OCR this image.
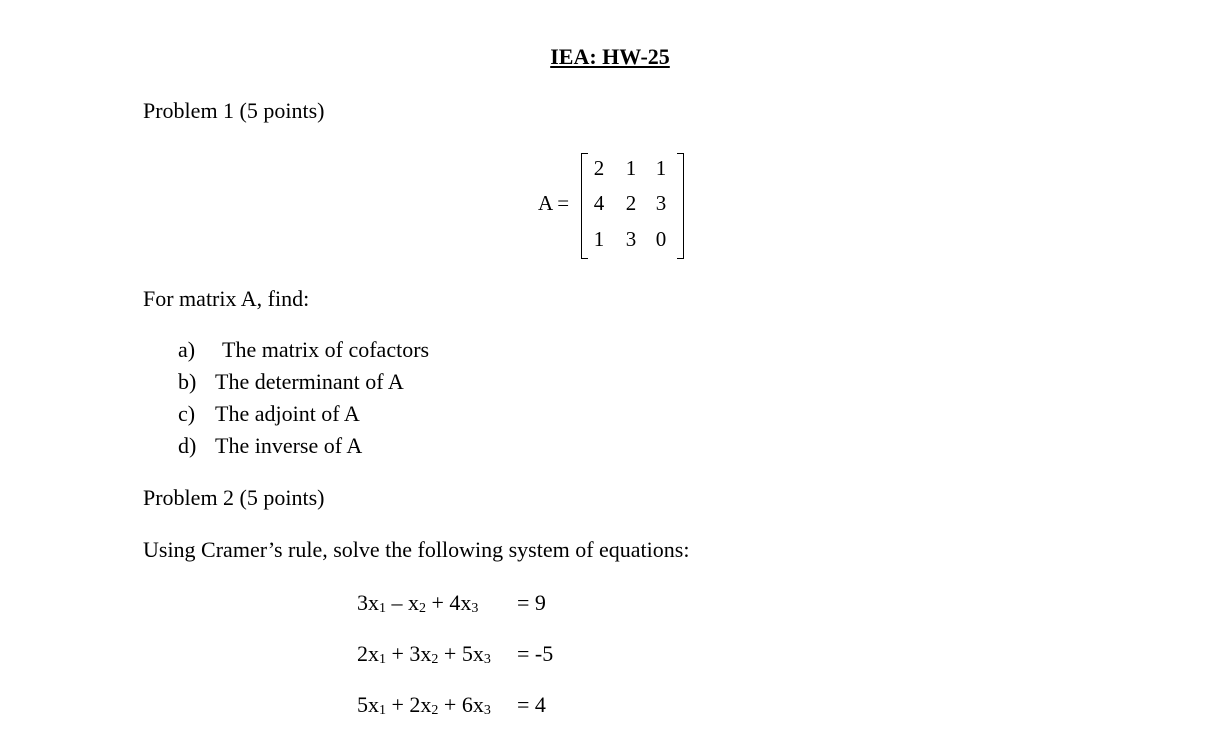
IEA: HW-25
Problem 1 (5 points)
A =
2 1 1
4 2 3
1 3 0
For matrix A, find:
a) The matrix of cofactors
b) The determinant of A
c) The adjoint of A
d) The inverse of A
Problem 2 (5 points)
Using Cramer’s rule, solve the following system of equations:
$3x_1 - x_2 + 4x_3 = 9$
$2x_1 + 3x_2 + 5x_3 = -5$
$5x_1 + 2x_2 + 6x_3 = 4$
